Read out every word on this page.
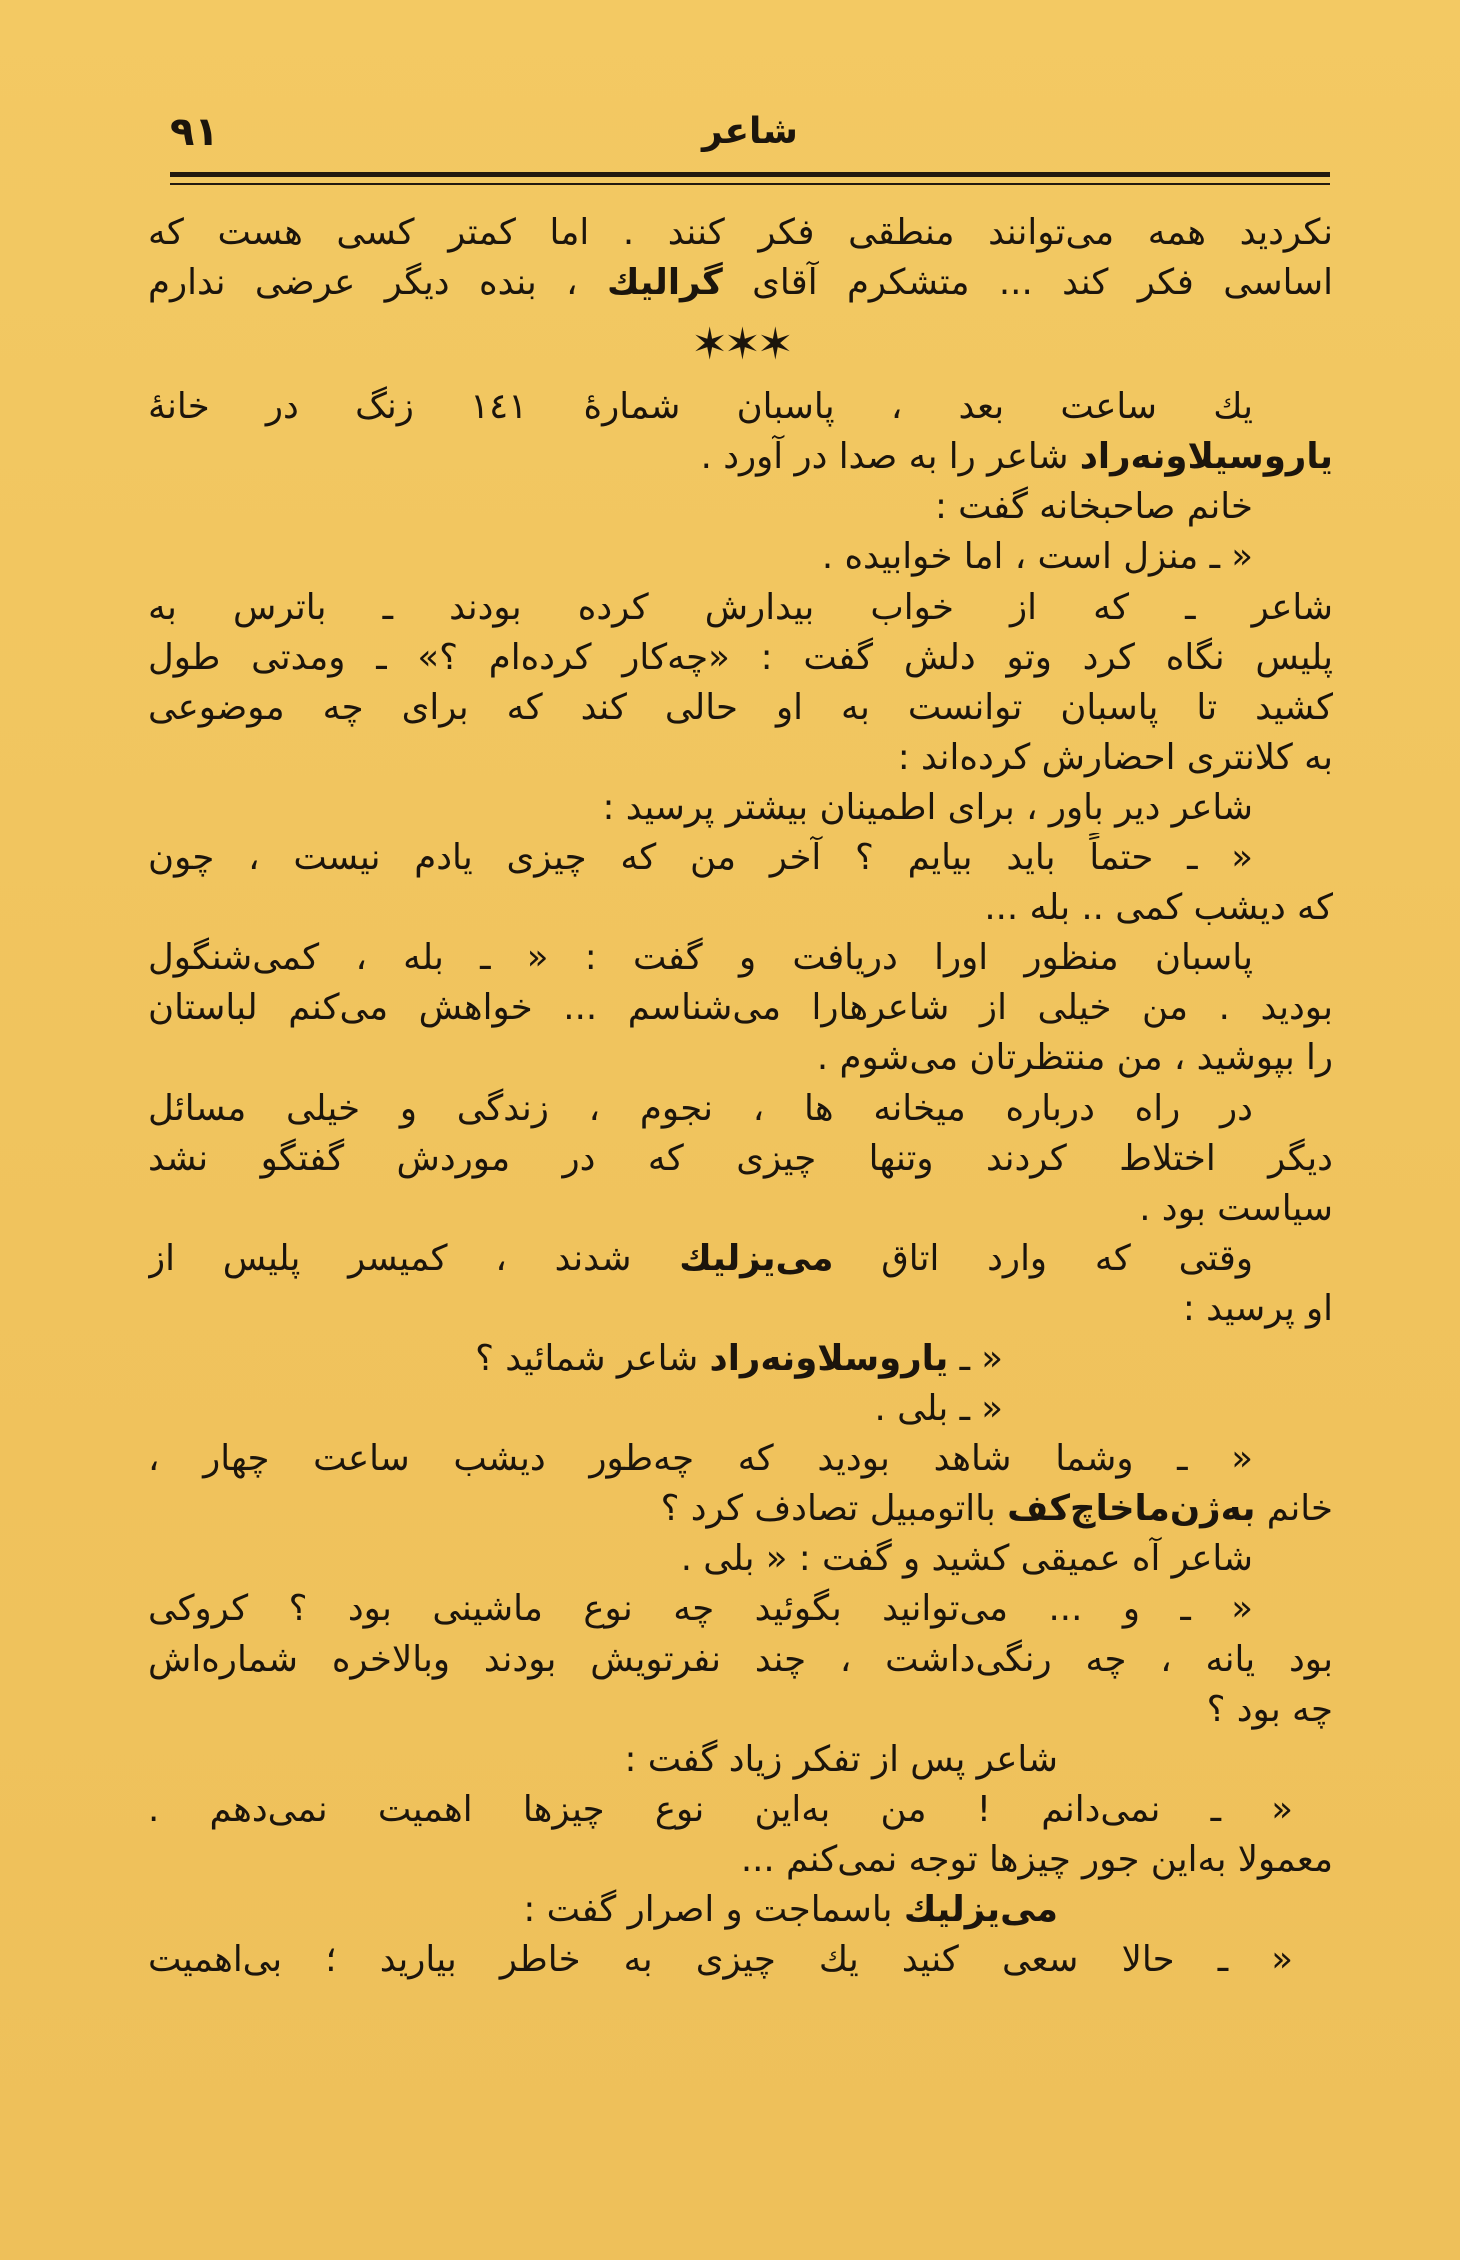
۹۱	شاعر
نکردید همه می‌توانند منطقی فکر کنند . اما کمتر کسی هست که
اساسی فکر کند ... متشکرم آقای گرالیك ، بنده دیگر عرضی ندارم
✶✶✶
یك ساعت بعد ، پاسبان شمارهٔ ۱٤۱ زنگ در خانهٔ
یاروسیلاونه‌راد شاعر را به صدا در آورد .
خانم صاحبخانه گفت :
« ـ منزل است ، اما خوابیده .
شاعر ـ که از خواب بیدارش کرده بودند ـ باترس به
پلیس نگاه کرد وتو دلش گفت : «چه‌کار کرده‌ام ؟» ـ ومدتی طول
کشید تا پاسبان توانست به او حالی کند که برای چه موضوعی
به کلانتری احضارش کرده‌اند :
شاعر دیر باور ، برای اطمینان بیشتر پرسید :
« ـ حتماً باید بیایم ؟ آخر من که چیزی یادم نیست ، چون
که دیشب کمی .. بله ...
پاسبان منظور اورا دریافت و گفت : « ـ بله ، کمی‌شنگول
بودید . من خیلی از شاعرهارا می‌شناسم ... خواهش می‌کنم لباستان
را بپوشید ، من منتظرتان می‌شوم .
در راه درباره میخانه ها ، نجوم ، زندگی و خیلی مسائل
دیگر اختلاط کردند وتنها چیزی که در موردش گفتگو نشد
سیاست بود .
وقتی که وارد اتاق می‌یزلیك شدند ، کمیسر پلیس از
او پرسید :
« ـ یاروسلاونه‌راد شاعر شمائید ؟
« ـ بلی .
« ـ وشما شاهد بودید که چه‌طور دیشب ساعت چهار ،
خانم به‌ژن‌ماخاچ‌کف بااتومبیل تصادف کرد ؟
شاعر آه عمیقی کشید و گفت : « بلی .
« ـ و ... می‌توانید بگوئید چه نوع ماشینی بود ؟ کروکی
بود یانه ، چه رنگی‌داشت ، چند نفرتویش بودند وبالاخره شماره‌اش
چه بود ؟
شاعر پس از تفکر زیاد گفت :
« ـ نمی‌دانم ! من به‌این نوع چیزها اهمیت نمی‌دهم .
معمولا به‌این جور چیزها توجه نمی‌کنم ...
می‌یزلیك باسماجت و اصرار گفت :
« ـ حالا سعی کنید یك چیزی به خاطر بیارید ؛ بی‌اهمیت
